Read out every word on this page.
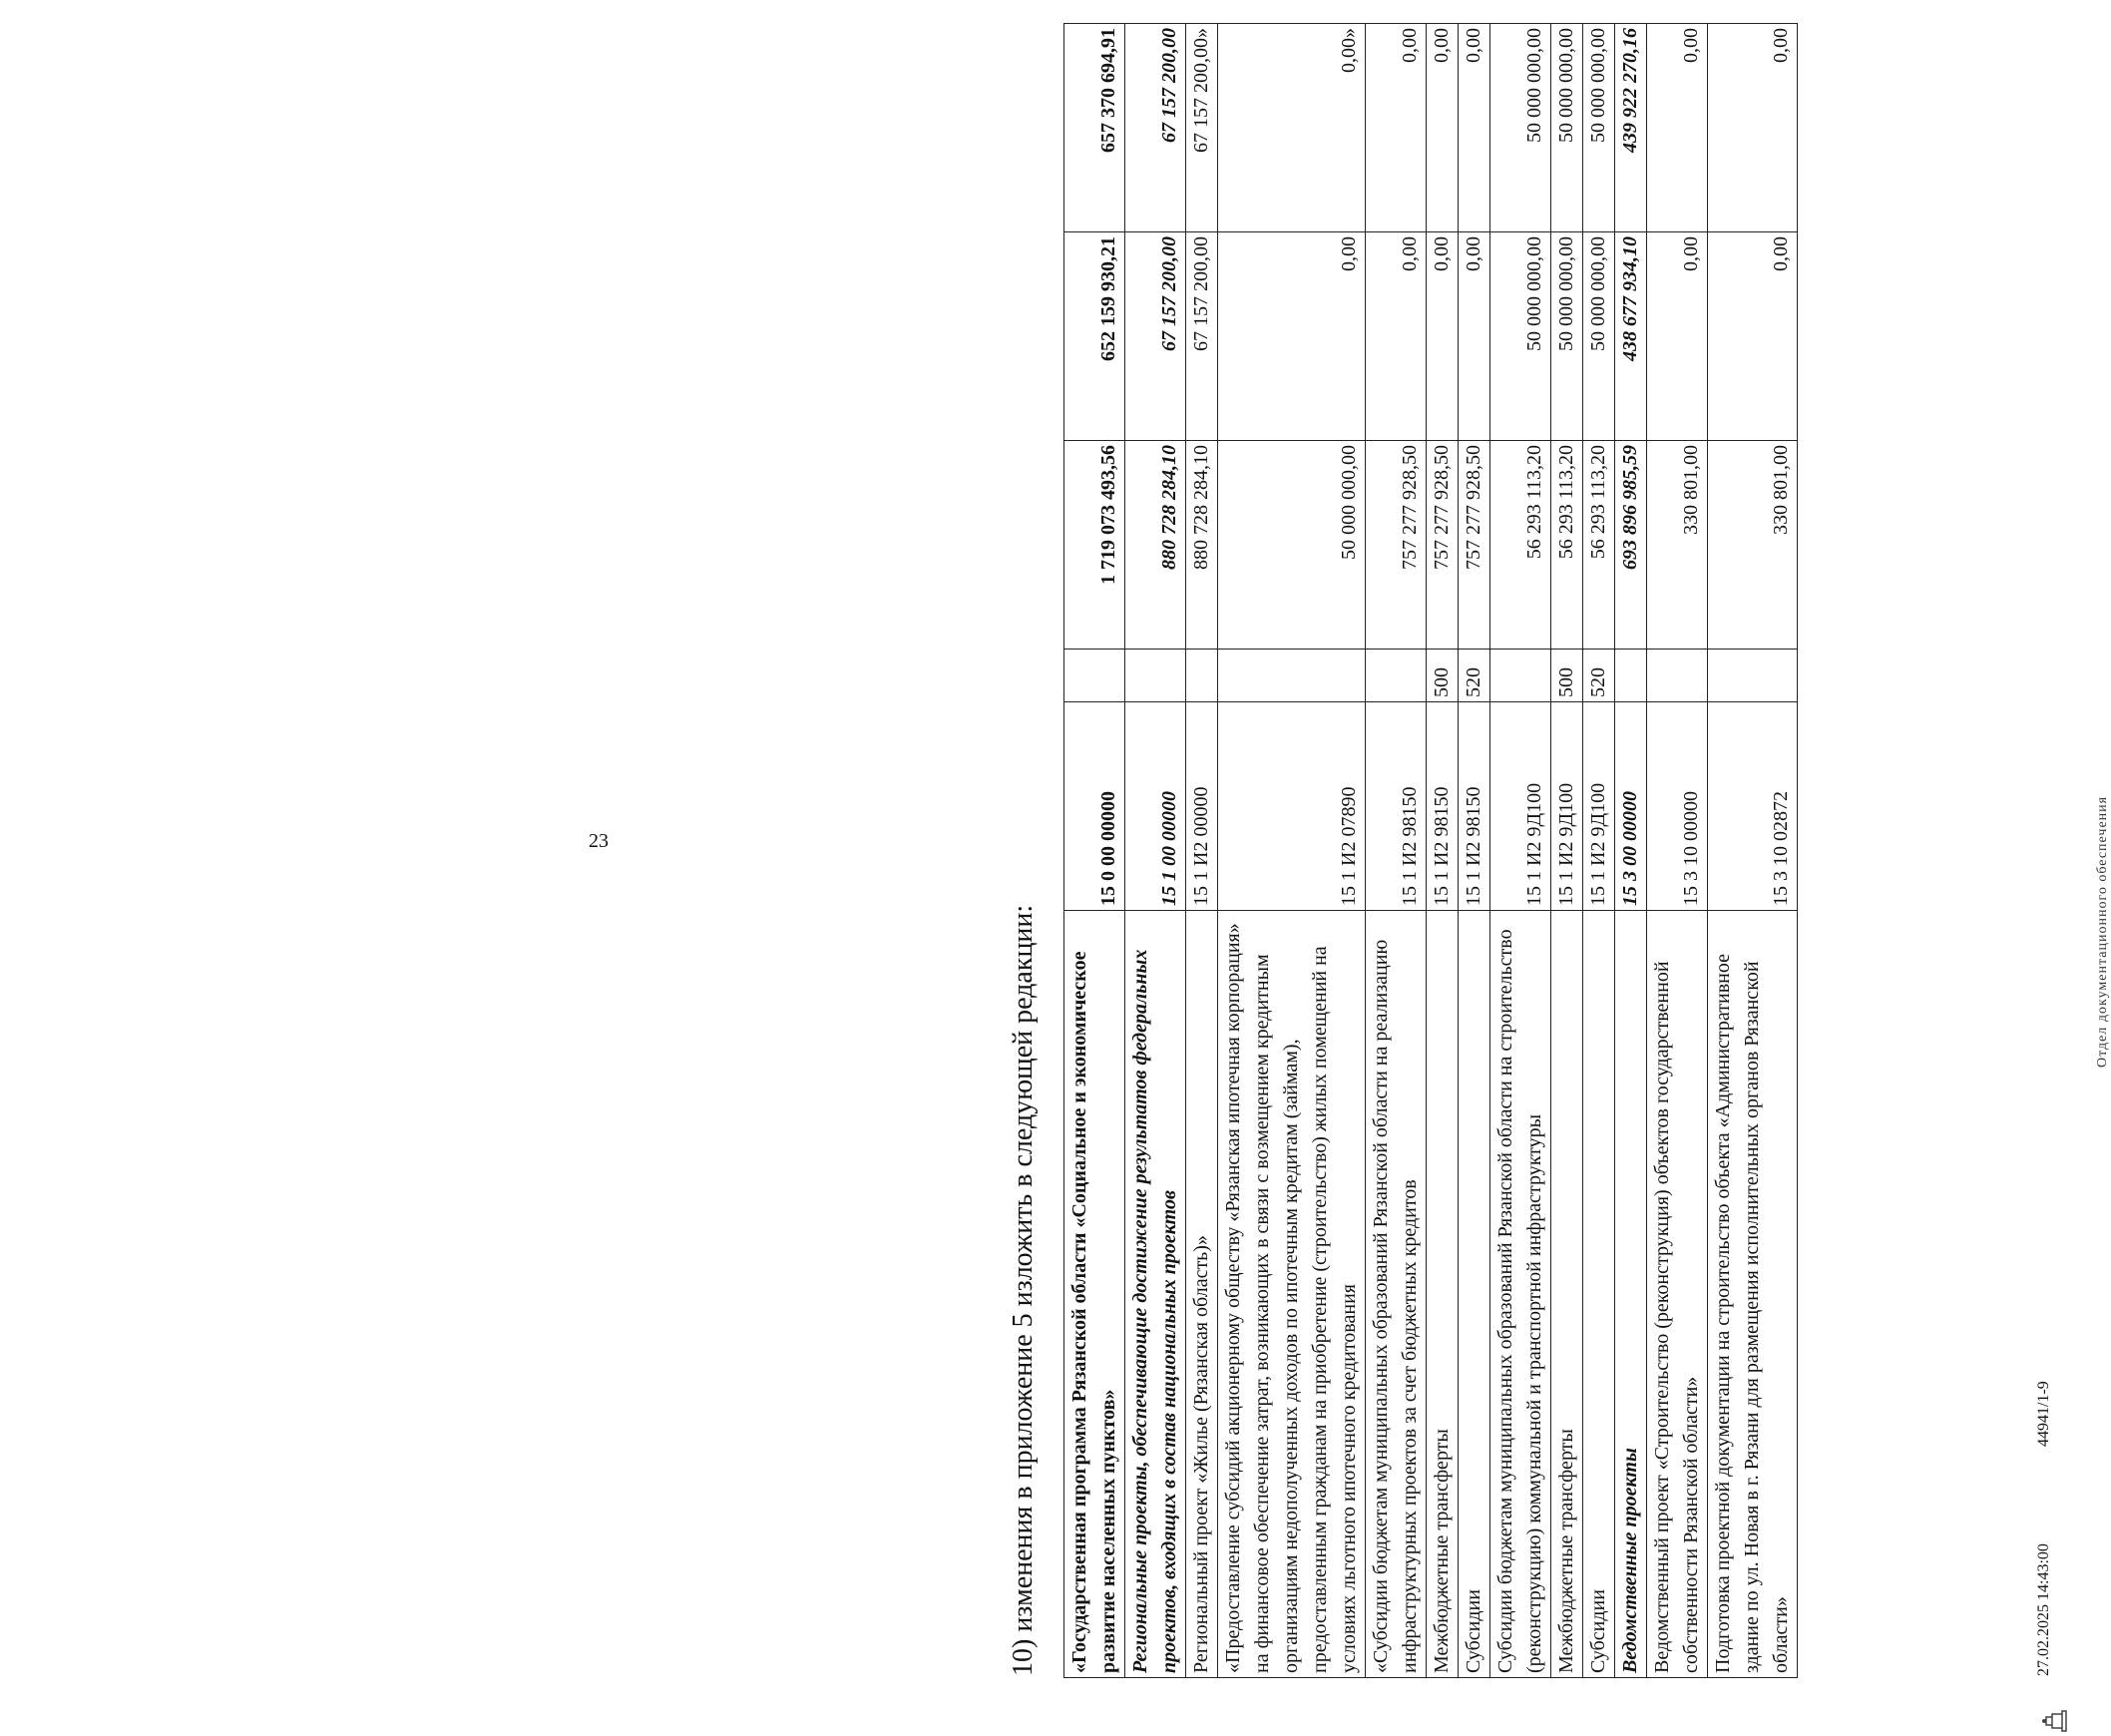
23
10) изменения в приложение 5 изложить в следующей редакции: «Государственная программа Рязанской области «Социальное и экономическое развитие населенных пунктов»	15 0 00 00000		1 719 073 493,56	652 159 930,21	657 370 694,91
Региональные проекты, обеспечивающие достижение результатов федеральных проектов, входящих в состав национальных проектов	15 1 00 00000		880 728 284,10	67 157 200,00	67 157 200,00
Региональный проект «Жилье (Рязанская область)»	15 1 И2 00000		880 728 284,10	67 157 200,00	67 157 200,00»
«Предоставление субсидий акционерному обществу «Рязанская ипотечная корпорация» на финансовое обеспечение затрат, возникающих в связи с возмещением кредитным организациям недополученных доходов по ипотечным кредитам (займам), предоставленным гражданам на приобретение (строительство) жилых помещений на условиях льготного ипотечного кредитования	15 1 И2 07890		50 000 000,00	0,00	0,00»
«Субсидии бюджетам муниципальных образований Рязанской области на реализацию инфраструктурных проектов за счет бюджетных кредитов	15 1 И2 98150		757 277 928,50	0,00	0,00
Межбюджетные трансферты	15 1 И2 98150	500	757 277 928,50	0,00	0,00
Субсидии	15 1 И2 98150	520	757 277 928,50	0,00	0,00
Субсидии бюджетам муниципальных образований Рязанской области на строительство (реконструкцию) коммунальной и транспортной инфраструктуры	15 1 И2 9Д100		56 293 113,20	50 000 000,00	50 000 000,00
Межбюджетные трансферты	15 1 И2 9Д100	500	56 293 113,20	50 000 000,00	50 000 000,00
Субсидии	15 1 И2 9Д100	520	56 293 113,20	50 000 000,00	50 000 000,00
Ведомственные проекты	15 3 00 00000		693 896 985,59	438 677 934,10	439 922 270,16
Ведомственный проект «Строительство (реконструкция) объектов государственной собственности Рязанской области»	15 3 10 00000		330 801,00	0,00	0,00
Подготовка проектной документации на строительство объекта «Административное здание по ул. Новая в г. Рязани для размещения исполнительных органов Рязанской области»	15 3 10 02872		330 801,00	0,00	0,00
27.02.2025 14:43:00
44941/1-9
Отдел документационного обеспечения
